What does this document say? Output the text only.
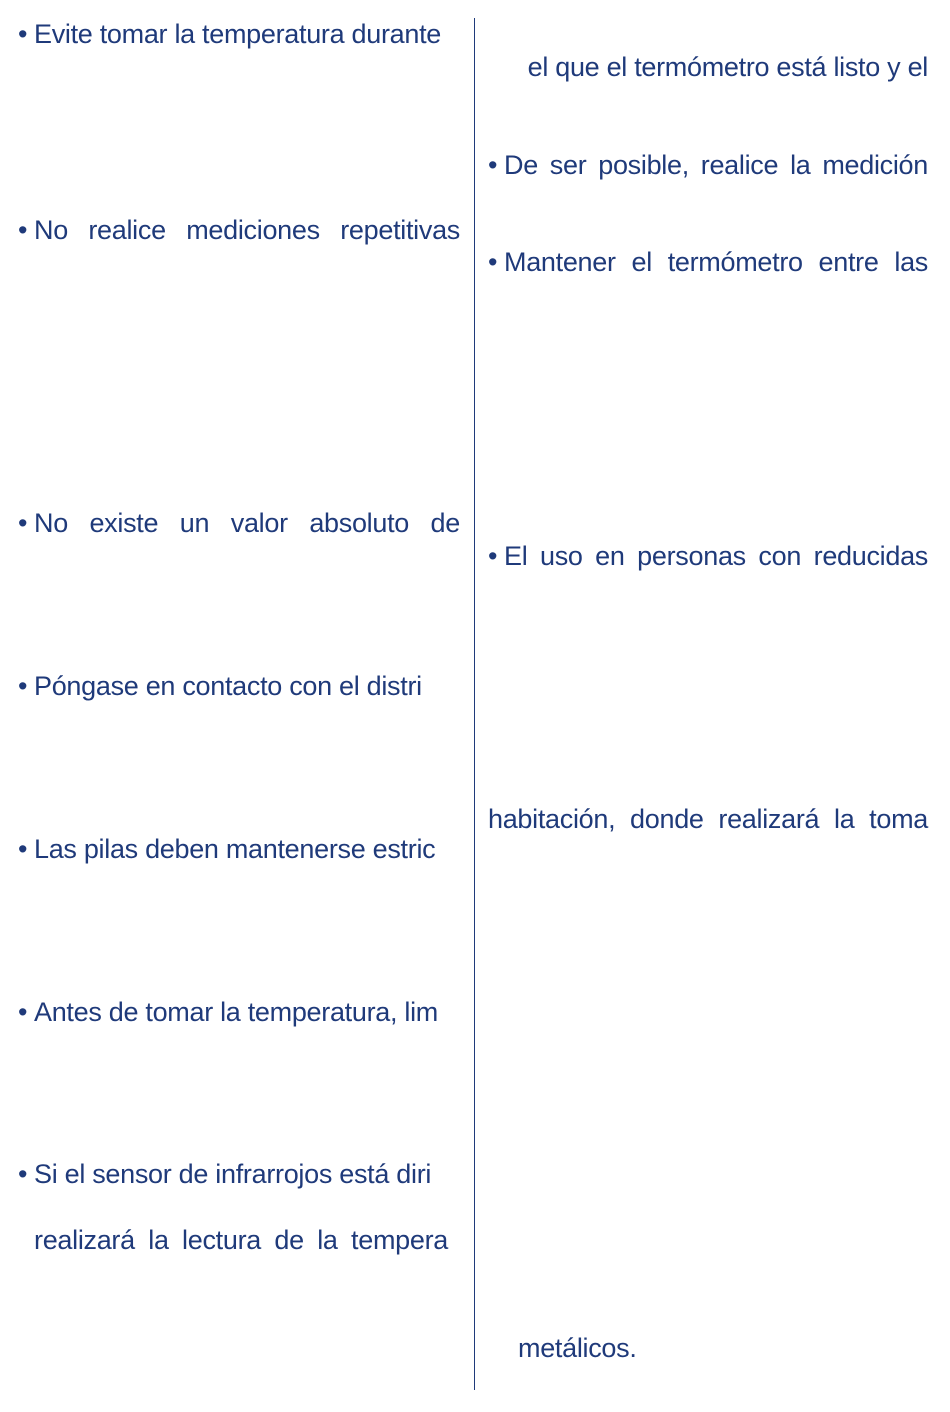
• Evite tomar la temperatura durante
• No realice mediciones repetitivas
• No existe un valor absoluto de
• Póngase en contacto con el distri
• Las pilas deben mantenerse estric
• Antes de tomar la temperatura, lim
• Si el sensor de infrarrojos está diri
realizará la lectura de la tempera
el que el termómetro está listo y el
• De ser posible, realice la medición
• Mantener el termómetro entre las
• El uso en personas con reducidas
habitación, donde realizará la toma
metálicos.
